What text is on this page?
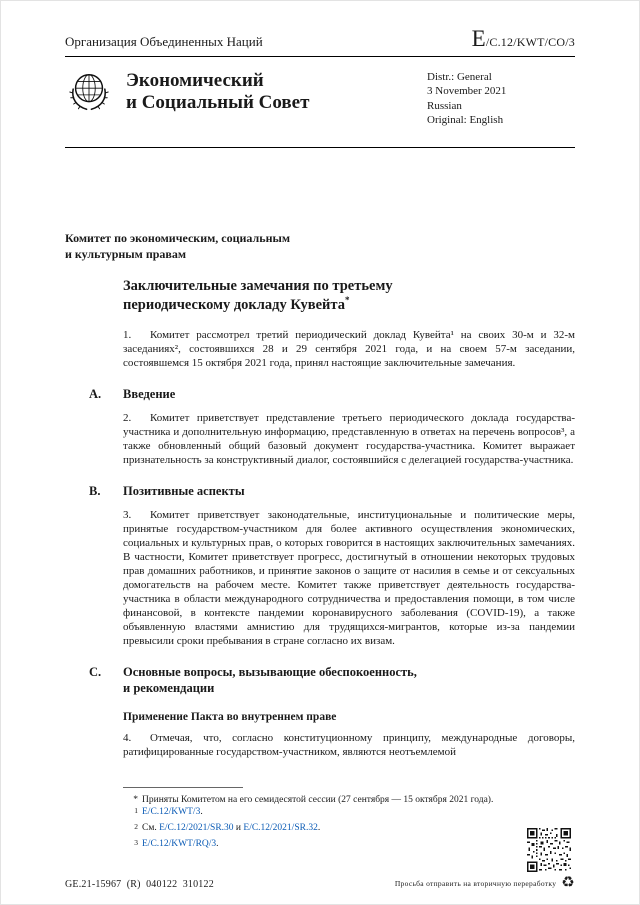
Организация Объединенных Наций	E /C.12/KWT/CO/3
Экономический
и Социальный Совет
Distr.: General
3 November 2021
Russian
Original: English
Комитет по экономическим, социальным
и культурным правам
Заключительные замечания по третьему периодическому докладу Кувейта*

1. Комитет рассмотрел третий периодический доклад Кувейта¹ на своих 30-м и 32-м заседаниях², состоявшихся 28 и 29 сентября 2021 года, и на своем 57-м заседании, состоявшемся 15 октября 2021 года, принял настоящие заключительные замечания.

A.	Введение

2. Комитет приветствует представление третьего периодического доклада государства-участника и дополнительную информацию, представленную в ответах на перечень вопросов³, а также обновленный общий базовый документ государства-участника. Комитет выражает признательность за конструктивный диалог, состоявшийся с делегацией государства-участника.

B.	Позитивные аспекты

3. Комитет приветствует законодательные, институциональные и политические меры, принятые государством-участником для более активного осуществления экономических, социальных и культурных прав, о которых говорится в настоящих заключительных замечаниях. В частности, Комитет приветствует прогресс, достигнутый в отношении некоторых трудовых прав домашних работников, и принятие законов о защите от насилия в семье и от сексуальных домогательств на рабочем месте. Комитет также приветствует деятельность государства-участника в области международного сотрудничества и предоставления помощи, в том числе финансовой, в контексте пандемии коронавирусного заболевания (COVID-19), а также объявленную властями амнистию для трудящихся-мигрантов, которые из-за пандемии превысили сроки пребывания в стране согласно их визам.

C.	Основные вопросы, вызывающие обеспокоенность, и рекомендации
Применение Пакта во внутреннем праве

4. Отмечая, что, согласно конституционному принципу, международные договоры, ратифицированные государством-участником, являются неотъемлемой

* Приняты Комитетом на его семидесятой сессии (27 сентября — 15 октября 2021 года).
$^1$ E/C.12/KWT/3.
$^2$ См. E/C.12/2021/SR.30 и E/C.12/2021/SR.32.
$^3$ E/C.12/KWT/RQ/3.
GE.21-15967  (R)  040122  310122	Просьба отправить на вторичную переработку ♻
